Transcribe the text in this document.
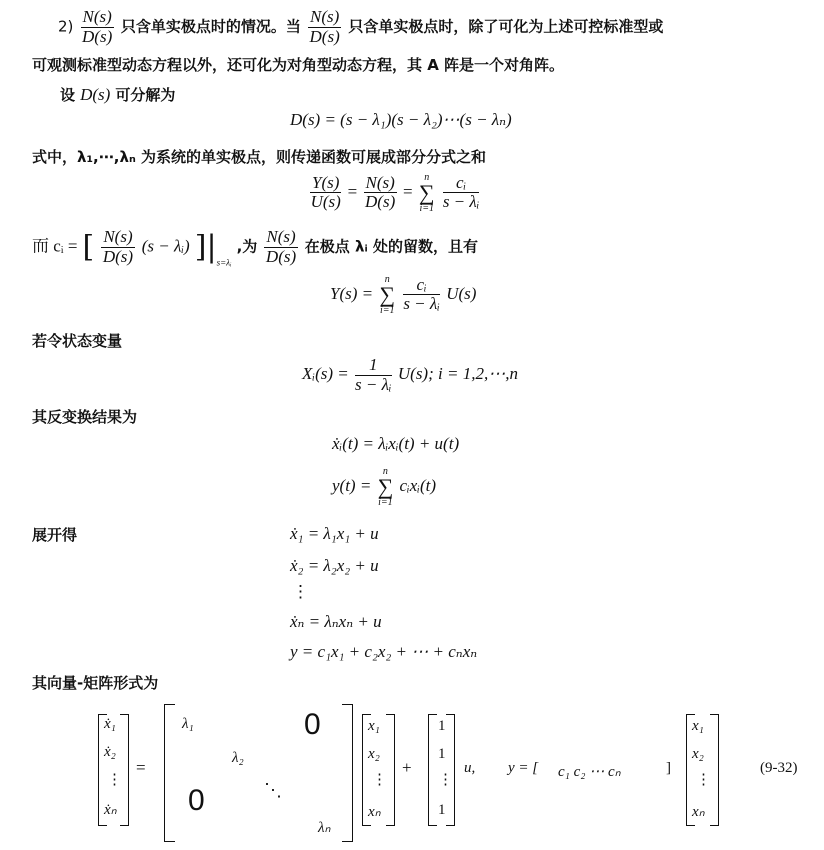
$2) \frac{N(s)}{D(s)}$ 只含单实极点时的情况。当 $\frac{N(s)}{D(s)}$ 只含单实极点时，除了可化为上述可控标准型或
可观测标准型动态方程以外，还可化为对角型动态方程，其 A 阵是一个对角阵。
设 D(s) 可分解为
D(s) = (s − λ₁)(s − λ₂)⋯(s − λₙ)
式中，λ₁,⋯,λₙ 为系统的单实极点，则传递函数可展成部分分式之和
$\frac{Y(s)}{U(s)} = \frac{N(s)}{D(s)}$ =
n
∑
i=1
$\frac{\text{cᵢ}}{\text{s − λᵢ}}$
而 cᵢ = [ $\frac{N(s)}{D(s)} (s$ − λᵢ) ]$|_{s=\lambda ᵢ}$ ,为 $\frac{N(s)}{D(s)}$ 在极点 λᵢ 处的留数，且有
Y(s) =
n
∑
i=1
$\frac{\text{cᵢ}}{\text{s − λᵢ}} U(s)$
若令状态变量
Xᵢ(s) = $\frac{1}{\text{s − λᵢ}} U(s)$; i = 1,2,⋯,n
其反变换结果为
ẋᵢ(t) = λᵢxᵢ(t) + u(t)
y(t) =
n
∑
i=1
cᵢxᵢ(t)
展开得	ẋ₁ = λ₁x₁ + u
ẋ₂ = λ₂x₂ + u
⋮
ẋₙ = λₙxₙ + u
y = c₁x₁ + c₂x₂ + ⋯ + cₙxₙ
其向量-矩阵形式为
ẋ₁
ẋ₂
⋮
ẋₙ
=
λ₁
λ₂
⋱
λₙ
0
0
x₁
x₂
⋮
xₙ
+
1
1
⋮
1
u, y = [ c₁ c₂ ⋯ cₙ	]
x₁
x₂
⋮
xₙ
(9-32)
